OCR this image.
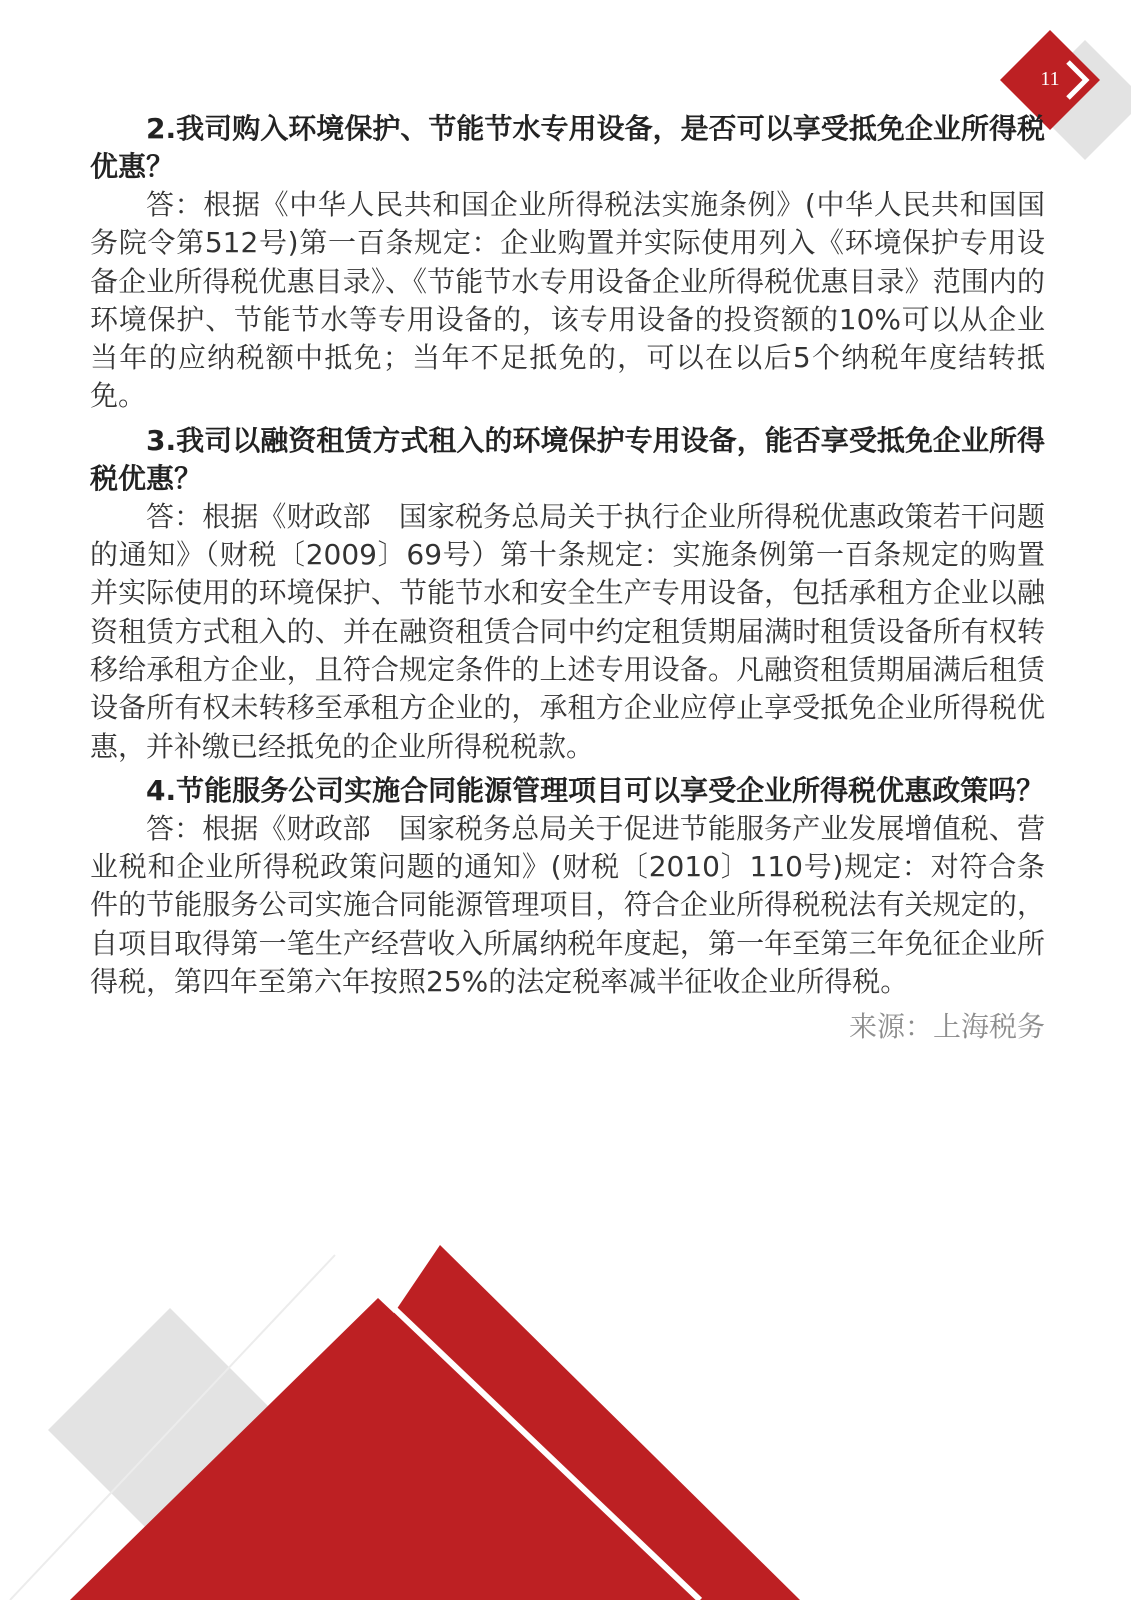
11

2.我司购入环境保护、节能节水专用设备，是否可以享受抵免企业所得税优惠？

答：根据《中华人民共和国企业所得税法实施条例》(中华人民共和国国务院令第512号)第一百条规定：企业购置并实际使用列入《环境保护专用设备企业所得税优惠目录》、《节能节水专用设备企业所得税优惠目录》范围内的环境保护、节能节水等专用设备的，该专用设备的投资额的10%可以从企业当年的应纳税额中抵免；当年不足抵免的，可以在以后5个纳税年度结转抵免。

3.我司以融资租赁方式租入的环境保护专用设备，能否享受抵免企业所得税优惠？

答：根据《财政部　国家税务总局关于执行企业所得税优惠政策若干问题的通知》（财税〔2009〕69号）第十条规定：实施条例第一百条规定的购置并实际使用的环境保护、节能节水和安全生产专用设备，包括承租方企业以融资租赁方式租入的、并在融资租赁合同中约定租赁期届满时租赁设备所有权转移给承租方企业，且符合规定条件的上述专用设备。凡融资租赁期届满后租赁设备所有权未转移至承租方企业的，承租方企业应停止享受抵免企业所得税优惠，并补缴已经抵免的企业所得税税款。

4.节能服务公司实施合同能源管理项目可以享受企业所得税优惠政策吗？

答：根据《财政部　国家税务总局关于促进节能服务产业发展增值税、营业税和企业所得税政策问题的通知》(财税〔2010〕110号)规定：对符合条件的节能服务公司实施合同能源管理项目，符合企业所得税税法有关规定的，自项目取得第一笔生产经营收入所属纳税年度起，第一年至第三年免征企业所得税，第四年至第六年按照25%的法定税率减半征收企业所得税。

来源：上海税务
